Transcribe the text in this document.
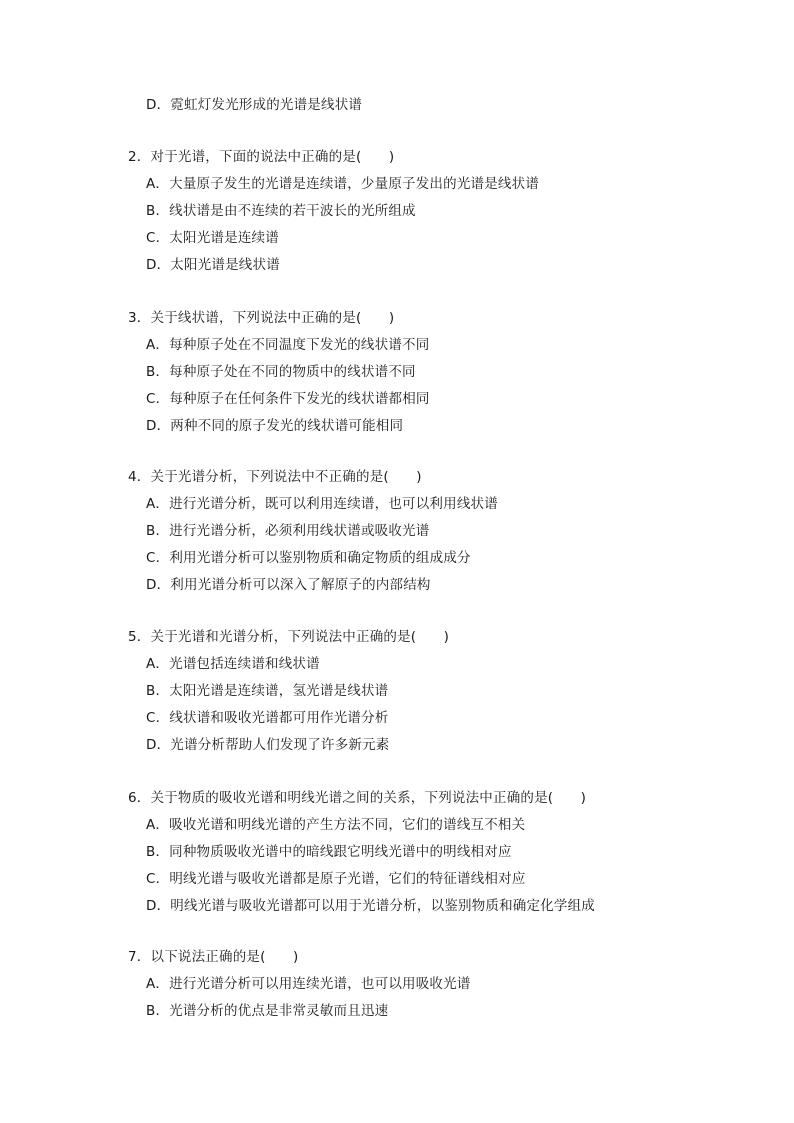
D．霓虹灯发光形成的光谱是线状谱
2．对于光谱，下面的说法中正确的是(　　)
A．大量原子发生的光谱是连续谱，少量原子发出的光谱是线状谱
B．线状谱是由不连续的若干波长的光所组成
C．太阳光谱是连续谱
D．太阳光谱是线状谱
3．关于线状谱，下列说法中正确的是(　　)
A．每种原子处在不同温度下发光的线状谱不同
B．每种原子处在不同的物质中的线状谱不同
C．每种原子在任何条件下发光的线状谱都相同
D．两种不同的原子发光的线状谱可能相同
4．关于光谱分析，下列说法中不正确的是(　　)
A．进行光谱分析，既可以利用连续谱，也可以利用线状谱
B．进行光谱分析，必须利用线状谱或吸收光谱
C．利用光谱分析可以鉴别物质和确定物质的组成成分
D．利用光谱分析可以深入了解原子的内部结构
5．关于光谱和光谱分析，下列说法中正确的是(　　)
A．光谱包括连续谱和线状谱
B．太阳光谱是连续谱，氢光谱是线状谱
C．线状谱和吸收光谱都可用作光谱分析
D．光谱分析帮助人们发现了许多新元素
6．关于物质的吸收光谱和明线光谱之间的关系，下列说法中正确的是(　　)
A．吸收光谱和明线光谱的产生方法不同，它们的谱线互不相关
B．同种物质吸收光谱中的暗线跟它明线光谱中的明线相对应
C．明线光谱与吸收光谱都是原子光谱，它们的特征谱线相对应
D．明线光谱与吸收光谱都可以用于光谱分析，以鉴别物质和确定化学组成
7．以下说法正确的是(　　)
A．进行光谱分析可以用连续光谱，也可以用吸收光谱
B．光谱分析的优点是非常灵敏而且迅速
